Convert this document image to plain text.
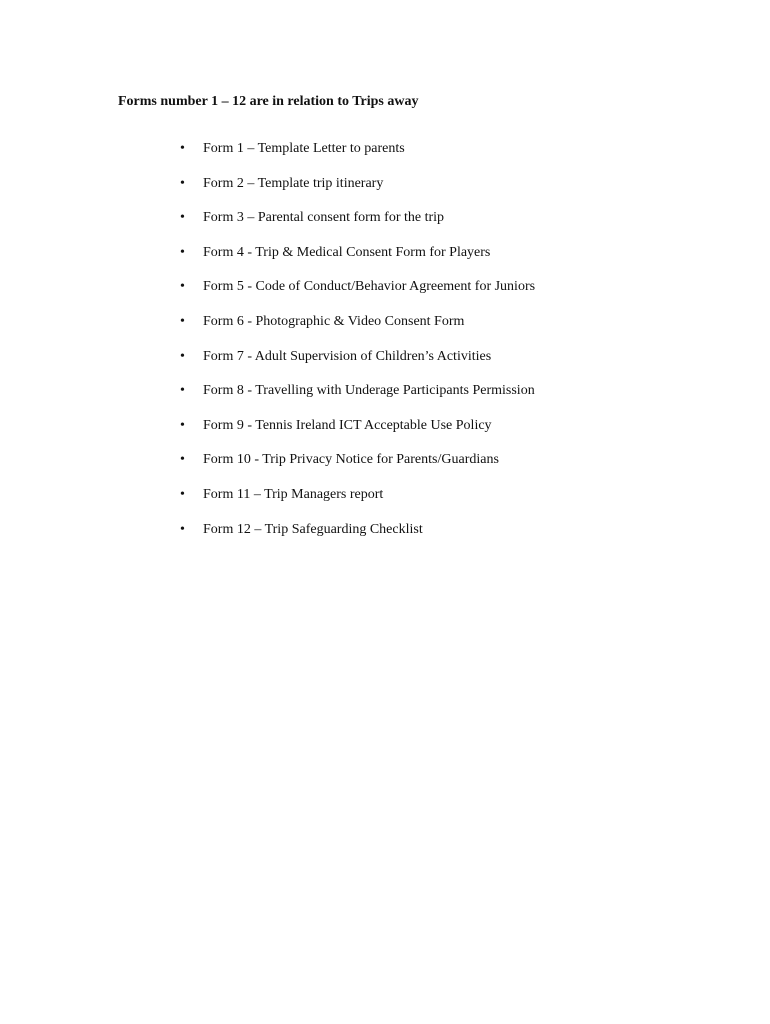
Forms number 1 – 12 are in relation to Trips away

• Form 1 – Template Letter to parents
• Form 2 – Template trip itinerary
• Form 3 – Parental consent form for the trip
• Form 4 - Trip & Medical Consent Form for Players
• Form 5 - Code of Conduct/Behavior Agreement for Juniors
• Form 6 - Photographic & Video Consent Form
• Form 7 - Adult Supervision of Children’s Activities
• Form 8 - Travelling with Underage Participants Permission
• Form 9 - Tennis Ireland ICT Acceptable Use Policy
• Form 10 - Trip Privacy Notice for Parents/Guardians
• Form 11 – Trip Managers report
• Form 12 – Trip Safeguarding Checklist
